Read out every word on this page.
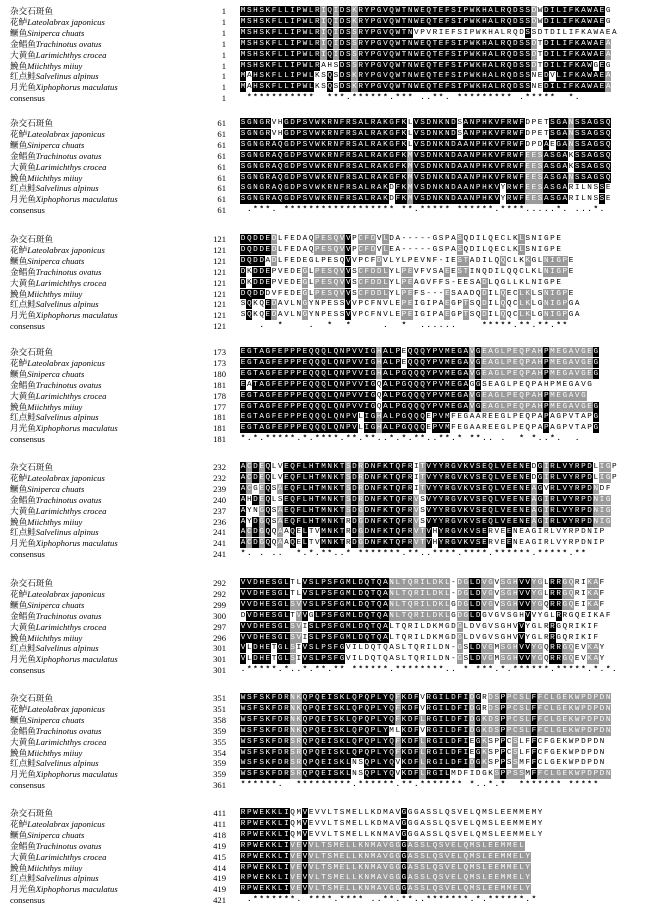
杂交石斑鱼	1 M S H S K F L L I P W L R I Q I D S K R Y P G V Q W T N W E Q T E F S I P W K H A L R Q D S S D W D I L I F K A W A E G
花鲈Lateolabrax japonicus	1 M S H S K F L L I P W L R I Q I D S K R Y P G V Q W T N W E Q T E F S I P W K H A L R Q D S S D W D I L I F K A W A E G
鳜鱼Siniperca chuats	1 M S H S K F L L I P W L R I Q I D S S R Y P G V Q W T N V P V R I E F S I P W K H A L R Q D S S D T D I L I F K A W A E A
金鲳鱼Trachinotus ovatus	1 M S H S K F L L I P W L R I Q I D S S R Y P G V Q W T N W E Q T E F S I P W K H A L R Q D S S D T D I L I F K A W A E A
大黄鱼Larimichthys crocea	1 M S H S K F L L I P W L R I Q I D S S R Y P G V Q W T N W E Q T E F S I P W K H A L R Q D S S D T D I L I F K A W A E A
鮸鱼Miichthys miiuy	1 M S H S K F L L I P W L R A H S D S S R Y P G V Q W T N W E Q T E F S I P W K H A L R Q D S S D T D I L I F K A W G E G
红点鲑Salvelinus alpinus	1 M A H S K F L L I P W L K S Q S D S K R Y P G V Q W T N W E Q T E F S I P W K H A L R Q D S S N E D V L I F K A W A E A
月光鱼Xiphophorus maculatus	1 M A H S K F L L I P W L K S Q S D S K R Y P G V Q W T N W E Q T E F S I P W K H A L R Q D S S N E D I L I F K A W A E A
consensus	1	* * * * * * * * * * * * * * . * * * * * * . * * * . . * * . * * * * * * * * * . * * * * * * .
杂交石斑鱼	61 S G N G R V H G D P S V W K R N F R S A L R A K G F K L V S D N K N D S A N P H K V F R W F D P E T S G A N S S A G S Q
花鲈Lateolabrax japonicus	61 S G N G R V H G D P S V W K R N F R S A L R A K G F K L V S D N K N D S A N P H K V F R W F D P E T S G A N S S A G S Q
鳜鱼Siniperca chuats	61 S G N G R A Q G D P S V W K R N F R S A L R A K G F K L V S D N K N D A A N P H K V F R W F D P D A E G A N S S A G S Q
金鲳鱼Trachinotus ovatus	61 S G N G R A Q G D P S V W K R N F R S A L R A K G F K M V S D N K N D A A N P H K V F R W F E E S A S G A K S S A G S Q
大黄鱼Larimichthys crocea	61 S G N G R A Q G D P S V W K R N F R S A L R A K G F K M V S D N K N D A A N P H K V F R W F E E S A S G A K S S A G S Q
鮸鱼Miichthys miiuy	61 S G N G R A Q G D P S V W K R N F R S A L R A K G F K M V S D N K N D A A N P H K V F R W F E E S A S G A N S S A G S Q
红点鲑Salvelinus alpinus	61 S G N G R A Q G D P S V W K R N F R S A L R A K D F K M V S D N K N D A A N P H K V Y R W F E E S A S G A R I L N S S E
月光鱼Xiphophorus maculatus	61 S G N G R A Q G D P S V W K R N F R S A L R A K D F K M V S D N K N D A A N P H K V Y R W F E E S A S G A R I L N S S E
consensus	61	. * * * . * * * * * * * * * * * * * * * * * * * * . * * * * * * * * * * * . * * * * . . . . . * . . . . * .
杂交石斑鱼	121 D Q D D E D L F E D A Q P E S Q V V P C F D V L D A - - - - - G S P A S Q D I L Q E C L K L S N I G P E
花鲈Lateolabrax japonicus	121 D Q D D E D L F E D A Q P E S Q V V P C F D V L E A - - - - - G S P A S Q D I L Q E C L K L S N I G P E
鳜鱼Siniperca chuats	121 D Q D D A D L F E D E G L P E S Q V V P C F D V L Y L P E V N F - I E S T A D I L Q Q C L K K G L N I G P E
金鲳鱼Trachinotus ovatus	121 D K D D E P V E D E G L P E S Q V V S C F D D L Y L P E V F V S A E E S T I N Q D I L Q Q C L K L N I G P E
大黄鱼Larimichthys crocea	121 D K D D E P V E D E G L P E S Q V V S C F D D L Y L P E A G V F F S - E E S A D L Q G L L K L N I G P E
鮸鱼Miichthys miiuy	121 D Q D D D V F E D E G L P E S Q V V S C F D D L Y L P E F S - - - E S A A D Q D I L Q E C L K L S N I G P E
红点鲑Salvelinus alpinus	121 S Q K Q E D A V L N G Y N P E S S V V P C F N V L E P E I G I P A E G P T S Q D I L Q Q C L K L G N I G P G A
月光鱼Xiphophorus maculatus	121 S Q K Q E D A V L N G Y N P E S S V V P C F N V L E P E I G I P A E G P T S Q D I L Q Q C L K L G N I G P G A
consensus	121	. *	. * *	. * . . . . . .	* * * * * . * * . * * . * *
杂交石斑鱼	173 E G T A G F E P P P E Q Q Q L Q N P V V I G H A L P E Q Q Q Y P V M E G A V G E A G L P E Q P A H P M E G A V G E G
花鲈Lateolabrax japonicus	173 E G T A G F E P P P E Q Q Q L Q N P V V I G H A L P E Q Q Q Y P V M E G A V G E A G L P E Q P A H P M E G A V G E G
鳜鱼Siniperca chuats	180 E G T A G F E P P P E Q Q Q L Q N P V V I G H A L P G Q Q Q Y P V M E G A V G E A G L P E Q P A H P M E G A V G E G
金鲳鱼Trachinotus ovatus	181 E A T A G F E P P P E Q Q Q L Q N P V V I G Q A L P G Q Q Q Y P V M E G A G G S E A G L P E Q P A H P M E G A V G
大黄鱼Larimichthys crocea	178 E G T A G F E P P P E Q Q Q L Q N P V V I G Q A L P G Q Q Q Y P V M E G A V G E A G L P E Q P A H P M E G A V G
鮸鱼Miichthys miiuy	177 E G T A G F E P P P E Q Q Q L Q N P V V I G Q A L P G Q Q Q Y P V M E G A V G E A G L P E Q P A H P M E G A V G E G
红点鲑Salvelinus alpinus	181 E G T A G F E P P P E Q Q Q L Q N P V L I G H A L P G Q Q Q E P V M F E G A A R E E G L P E Q P A P A G P V T A P G
月光鱼Xiphophorus maculatus	181 E G T A G F E P P P E Q Q Q L Q N P V L I G H A L P G Q Q Q E P V M F E G A A R E E G L P E Q P A P A G P V T A P G
consensus	181 * . * . * * * * * . * . * * * * . * * . * * . . * . * . * * . . * * . * * * . . . * * . . * . .
杂交石斑鱼	232 A C D E Q L V E Q F L H T M N K T S D R D N F K T Q F R I T V Y Y R G V K V S E Q L V E E N E D G I R L V Y R P D L I G P
花鲈Lateolabrax japonicus	232 A C D E Q L V E Q F L H T M N K T S D R D N F K T Q F R I T V Y Y R G V K V S E Q L V E E N E D G I R L V Y R P D L I G P
鳜鱼Siniperca chuats	239 A C G E Q S A E Q F L H T M N K T S D R D N F K T Q F R I T V Y Y R G V K V S E Q L V E E N E A G V R L V Y R P D N D F
金鲳鱼Trachinotus ovatus	240 A H D E Q L S E Q F L H T M N K T S D R D N F K T Q F R V S V Y Y R G V K V S E Q L V E E N E A G I R L V Y R P D N I G
大黄鱼Larimichthys crocea	237 A Y N G Q S A E Q F L H T M N K T S D G D N F K T Q F R V S V Y Y R G V K V S E Q L V E E N E A G I R L V Y R P D N I G
鮸鱼Miichthys miiuy	236 A Y D G Q S A E Q F L H T M N K T R D G D N F K T Q F R V S V Y Y R G V K V S E Q L V E E N E A G I R L V Y R P D N I G
红点鲑Salvelinus alpinus	241 A C D G Q Q A A Q E L T V M N K T R D G D N F K T Q F R V T V H Y R G V K V S E R V E E N E A G I R L V Y R P D N I P
月光鱼Xiphophorus maculatus	241 A C D G Q Q A A Q E L T V M N K T R D G D N F K T Q F R V T V H Y R G V K V S E R V E E N E A G I R L V Y R P D N I P
consensus	241 * . . . . * . * . * * . . * * * * * * * * . * * . . * * * * . * * * * . * * * * * * . * * * * * . * *
杂交石斑鱼	292 V V D H E S G L T L V S L P S F G M L D Q T Q A N L T Q R I L D K L - D G L D V G V S G H V V Y G L R R G Q R I K A F
花鲈Lateolabrax japonicus	292 V V D H E S G L T L V S L P S F G M L D Q T Q A N L T Q R I L D K L - D G L D V G V S G H V V Y G L R R G Q R I K A F
鳜鱼Siniperca chuats	299 V V D H E S G L S V V S L P S F G M L D Q T Q A N L T Q R I L D K L G D G L D V G V S G H V V Y G Q R R G Q E I K A F
金鲳鱼Trachinotus ovatus	300 D V D H E S G L T V V G L P S F G M L D Q T Q A N L T Q R I L D K L G D G L D G V G V S G H V V Y G L R R G Q E I K A F
大黄鱼Larimichthys crocea	297 V V D H E S G L S V I S L P S F G M L D Q T Q A L T Q R I L D K M G D G L D V G V S G H V V Y G L R R G Q R I K I F
鮸鱼Miichthys miiuy	296 V V D H E S G L S V I S L P S F G M L D Q T Q A L T Q R I L D K M G D G L D V G V S G H V V Y G L R R G Q R I K I F
红点鲑Salvelinus alpinus	301 V L D H E T G L S I V S L P S F G V I L D Q T Q A S L T Q R I L D N - G S L D V G M S G H V V Y G Q R R G Q E V K A Y
月光鱼Xiphophorus maculatus	301 V L D H E T G L S I V S L P S F G V I L D Q T Q A S L T Q R I L D N - G S L D V G M S G H V V Y G Q R R G Q E V K A Y
consensus	301 . * * * * * . * . . * . * * . * * * * * * * * . * * * * * * * * . . * * * * . * . * * * * * * . * * * * * . * . * .
杂交石斑鱼	351 W S F S K F D R N K Q P Q E I S K L Q P Q P L Y Q F K D F V R G I L D F I D G R D S P P C S L F F C L G E K W P D P D N
花鲈Lateolabrax japonicus	351 W S F S K F D R N K Q P Q E I S K L Q P Q P L Y Q F K D F V R G I L D F I D G R D S P P C S L F F C L G E K W P D P D N
鳜鱼Siniperca chuats	358 W S F S K F D R N K Q P Q E I S K L Q P Q P L Y Q F K D F L R G I L D F I D G K D S P P C S L F F C L G E K W P D P D N
金鲳鱼Trachinotus ovatus	359 W S F S K F D R N K Q P Q E I S K L Q P Q P L Y M L K D F V R G I L D F I D G K D S P P C S L F F C L G E K W P D P D N
大黄鱼Larimichthys crocea	355 W S F S K F D R S R Q P Q E I S K L Q P Q P L Y Q F K D F L R G I L D F I E G K S P P C S L F F C F G E K W P D P D N
鮸鱼Miichthys miiuy	354 W S F S K F D R S R Q P Q E I S K L Q P Q P L Y Q F K D F L R G I L D F I E G K S P P C S L F F C F G E K W P D P D N
红点鲑Salvelinus alpinus	359 W S F S K F D R S R Q P Q E I S K L N S Q P L Y Q V K D F L R G I L D F I D G K S P P S S M F F C L G E K W P D P D N
月光鱼Xiphophorus maculatus	359 W S F S K F D R S R Q P Q E I S K L N S Q P L Y Q V K D F L R G I L M D F I D G K S P P S S M F F C L G E K W P D P D N
consensus	361 * * * * * * . * * * * * * * * * . * * * * * * . * * . * * * * * * * * . . * . * * * * * * * * * * * * *
杂交石斑鱼	411 R P W E K K L I Q M V E V V L T S M E L L K D M A V G G G A S S L Q S V E L Q M S L E E M M E M Y
花鲈Lateolabrax japonicus	411 R P W E K K L I Q M V E V V L T S M E L L K D M A V G G G A S S L Q S V E L Q M S L E E M M E M Y
鳜鱼Siniperca chuats	418 R P W E K K L I Q M V E V V L T S M E L L K N M A V G G G A S S L Q S V E L Q M S L E E M M E L Y
金鲳鱼Trachinotus ovatus	419 R P W E K K L I V E V V L T S M E L L K N M A V G G G A S S L Q S V E L Q M S L E E M M E L
大黄鱼Larimichthys crocea	415 R P W E K K L I V E V V L T S M E L L K N M A V G G G A S S L Q S V E L Q M S L E E M M E L Y
鮸鱼Miichthys miiuy	414 R P W E K K L I V E V V L T S M E L L K N M A V G G G A S S L Q S V E L Q M S L E E M M E L Y
红点鲑Salvelinus alpinus	419 R P W E K K L I V E V V L T S M E L L K N M A V G G G A S S L Q S V E L Q M S L E E M M E L Y
月光鱼Xiphophorus maculatus	419 R P W E K K L I V E V V L T S M E L L K N M A V G G G A S S L Q S V E L Q M S L E E M M E L Y
consensus	421	. * * * * * * * . * * * * . * * * * . . * * . * * . . * * * * * * * . * . * * * * * * . *
